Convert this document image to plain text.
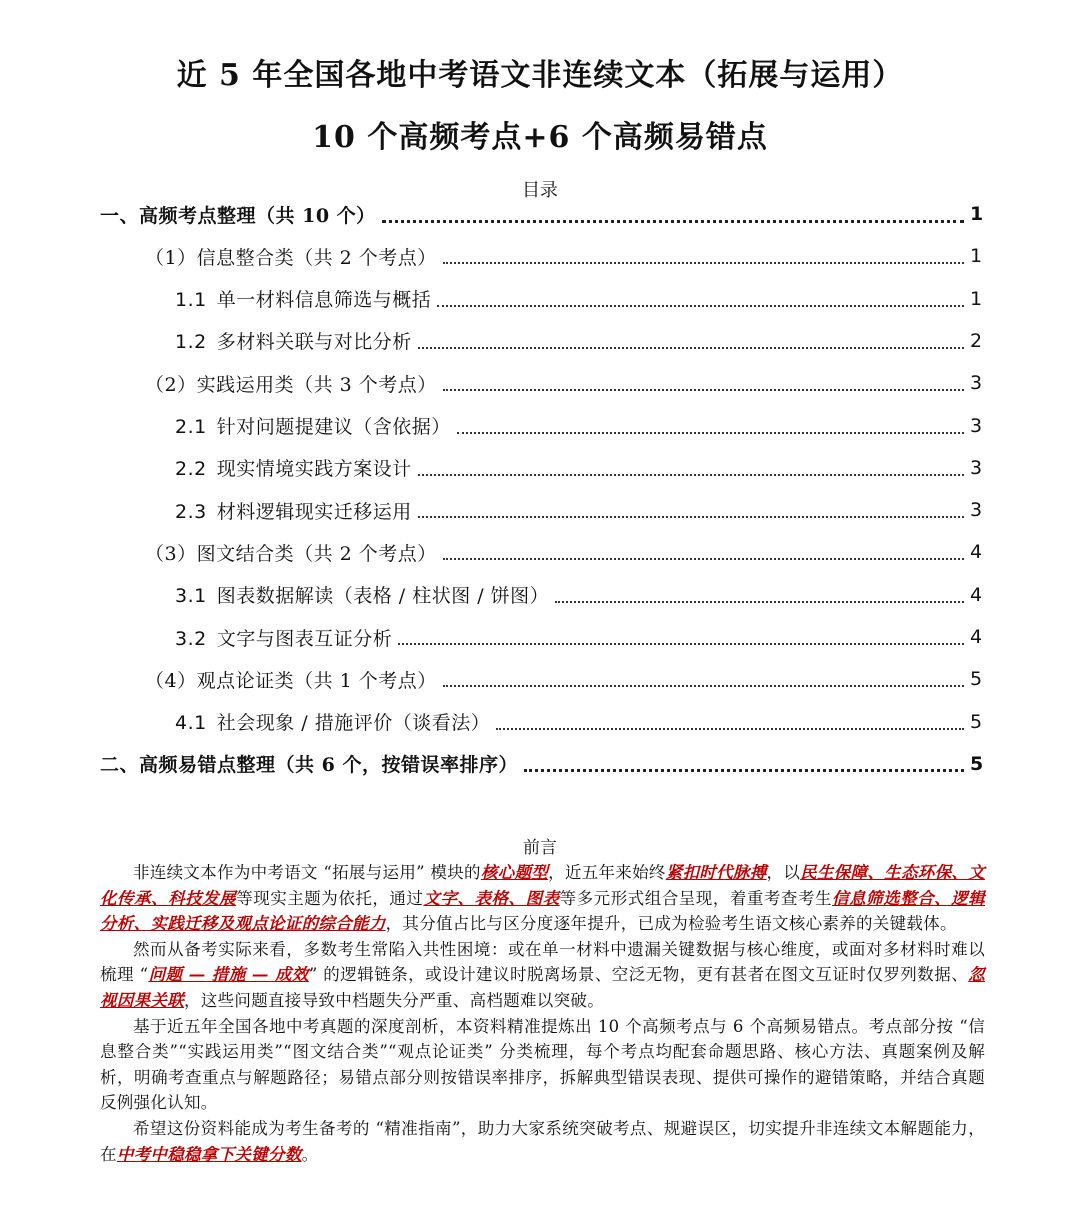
近 5 年全国各地中考语文非连续文本（拓展与运用）
10 个高频考点+6 个高频易错点
目录
一、高频考点整理（共 10 个）	1
（1）信息整合类（共 2 个考点）	1
1.1 单一材料信息筛选与概括	1
1.2 多材料关联与对比分析	2
（2）实践运用类（共 3 个考点）	3
2.1 针对问题提建议（含依据）	3
2.2 现实情境实践方案设计	3
2.3 材料逻辑现实迁移运用	3
（3）图文结合类（共 2 个考点）	4
3.1 图表数据解读（表格 / 柱状图 / 饼图）	4
3.2 文字与图表互证分析	4
（4）观点论证类（共 1 个考点）	5
4.1 社会现象 / 措施评价（谈看法）	5
二、高频易错点整理（共 6 个，按错误率排序）	5
前言

非连续文本作为中考语文 “拓展与运用” 模块的核心题型，近五年来始终紧扣时代脉搏，以民生保障、生态环保、文化传承、科技发展等现实主题为依托，通过文字、表格、图表等多元形式组合呈现，着重考查考生信息筛选整合、逻辑分析、实践迁移及观点论证的综合能力，其分值占比与区分度逐年提升，已成为检验考生语文核心素养的关键载体。

然而从备考实际来看，多数考生常陷入共性困境：或在单一材料中遗漏关键数据与核心维度，或面对多材料时难以梳理 “问题 — 措施 — 成效” 的逻辑链条，或设计建议时脱离场景、空泛无物，更有甚者在图文互证时仅罗列数据、忽视因果关联，这些问题直接导致中档题失分严重、高档题难以突破。

基于近五年全国各地中考真题的深度剖析，本资料精准提炼出 10 个高频考点与 6 个高频易错点。考点部分按 “信息整合类”“实践运用类”“图文结合类”“观点论证类” 分类梳理，每个考点均配套命题思路、核心方法、真题案例及解析，明确考查重点与解题路径；易错点部分则按错误率排序，拆解典型错误表现、提供可操作的避错策略，并结合真题反例强化认知。

希望这份资料能成为考生备考的 “精准指南”，助力大家系统突破考点、规避误区，切实提升非连续文本解题能力，在中考中稳稳拿下关键分数。
